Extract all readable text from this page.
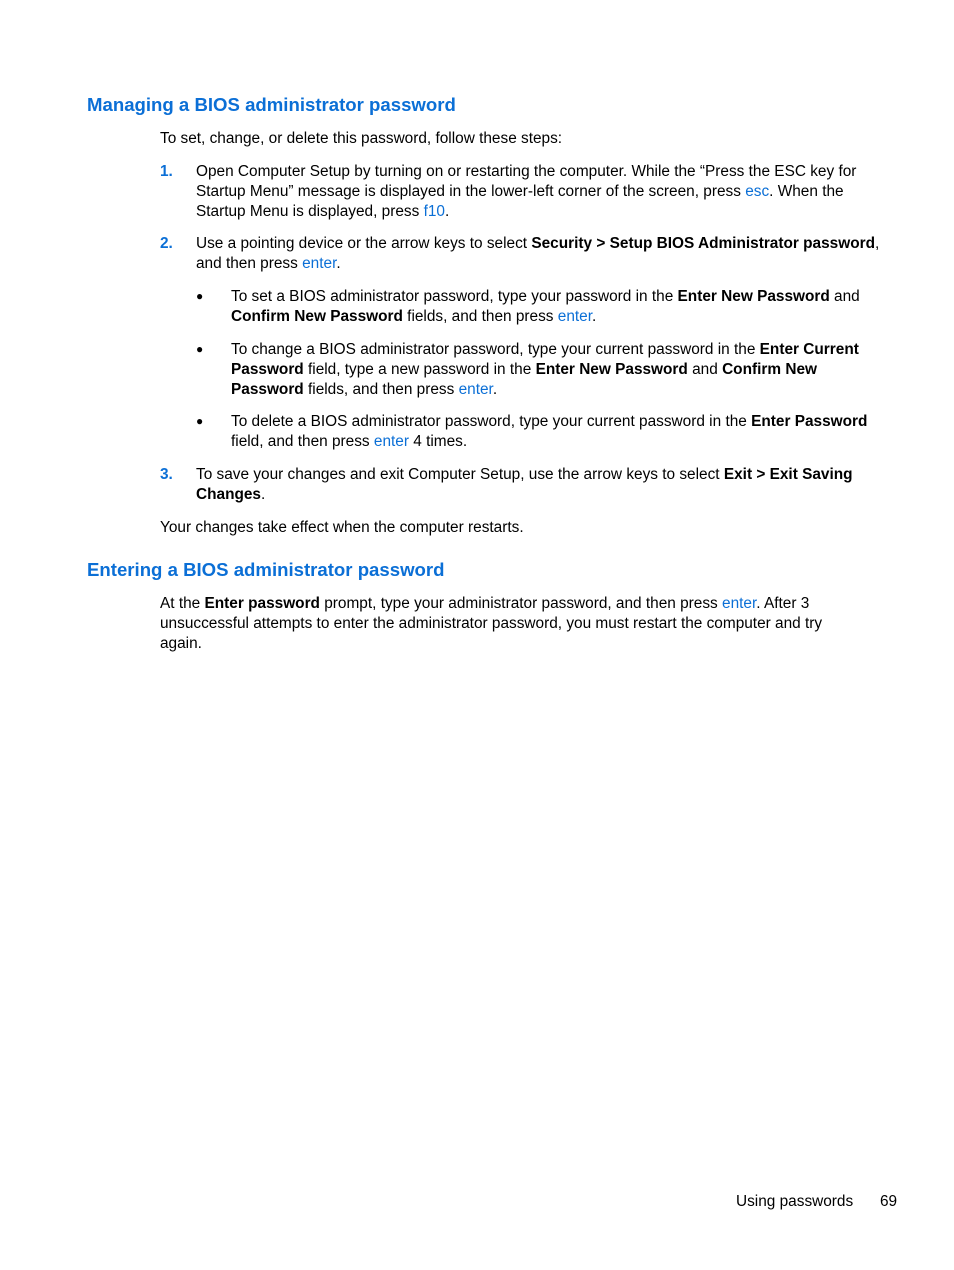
Managing a BIOS administrator password

To set, change, or delete this password, follow these steps:

1. Open Computer Setup by turning on or restarting the computer. While the “Press the ESC key for Startup Menu” message is displayed in the lower-left corner of the screen, press esc. When the Startup Menu is displayed, press f10.
2. Use a pointing device or the arrow keys to select Security > Setup BIOS Administrator password, and then press enter.
● To set a BIOS administrator password, type your password in the Enter New Password and Confirm New Password fields, and then press enter.
● To change a BIOS administrator password, type your current password in the Enter Current Password field, type a new password in the Enter New Password and Confirm New Password fields, and then press enter.
● To delete a BIOS administrator password, type your current password in the Enter Password field, and then press enter 4 times.
3. To save your changes and exit Computer Setup, use the arrow keys to select Exit > Exit Saving Changes.

Your changes take effect when the computer restarts.

Entering a BIOS administrator password

At the Enter password prompt, type your administrator password, and then press enter. After 3 unsuccessful attempts to enter the administrator password, you must restart the computer and try again.

Using passwords 69
